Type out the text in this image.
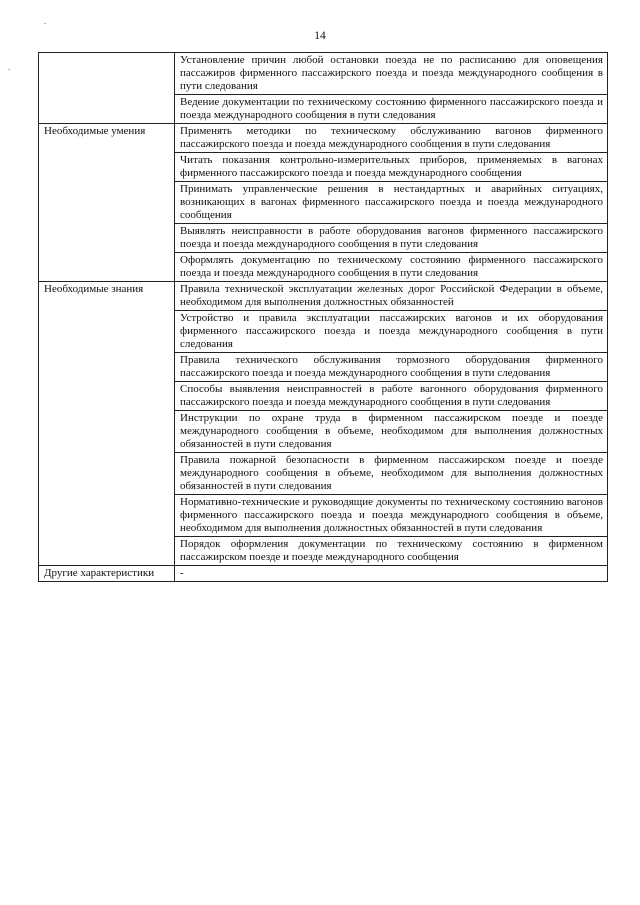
.
.
14
	Установление причин любой остановки поезда не по расписанию для оповещения пассажиров фирменного пассажирского поезда и поезда международного сообщения в пути следования
	Ведение документации по техническому состоянию фирменного пассажирского поезда и поезда международного сообщения в пути следования
Необходимые умения	Применять методики по техническому обслуживанию вагонов фирменного пассажирского поезда и поезда международного сообщения в пути следования
	Читать показания контрольно-измерительных приборов, применяемых в вагонах фирменного пассажирского поезда и поезда международного сообщения
	Принимать управленческие решения в нестандартных и аварийных ситуациях, возникающих в вагонах фирменного пассажирского поезда и поезда международного сообщения
	Выявлять неисправности в работе оборудования вагонов фирменного пассажирского поезда и поезда международного сообщения в пути следования
	Оформлять документацию по техническому состоянию фирменного пассажирского поезда и поезда международного сообщения в пути следования
Необходимые знания	Правила технической эксплуатации железных дорог Российской Федерации в объеме, необходимом для выполнения должностных обязанностей
	Устройство и правила эксплуатации пассажирских вагонов и их оборудования фирменного пассажирского поезда и поезда международного сообщения в пути следования
	Правила технического обслуживания тормозного оборудования фирменного пассажирского поезда и поезда международного сообщения в пути следования
	Способы выявления неисправностей в работе вагонного оборудования фирменного пассажирского поезда и поезда международного сообщения в пути следования
	Инструкции по охране труда в фирменном пассажирском поезде и поезде международного сообщения в объеме, необходимом для выполнения должностных обязанностей в пути следования
	Правила пожарной безопасности в фирменном пассажирском поезде и поезде международного сообщения в объеме, необходимом для выполнения должностных обязанностей в пути следования
	Нормативно-технические и руководящие документы по техническому состоянию вагонов фирменного пассажирского поезда и поезда международного сообщения в объеме, необходимом для выполнения должностных обязанностей в пути следования
	Порядок оформления документации по техническому состоянию в фирменном пассажирском поезде и поезде международного сообщения
Другие характеристики	-
